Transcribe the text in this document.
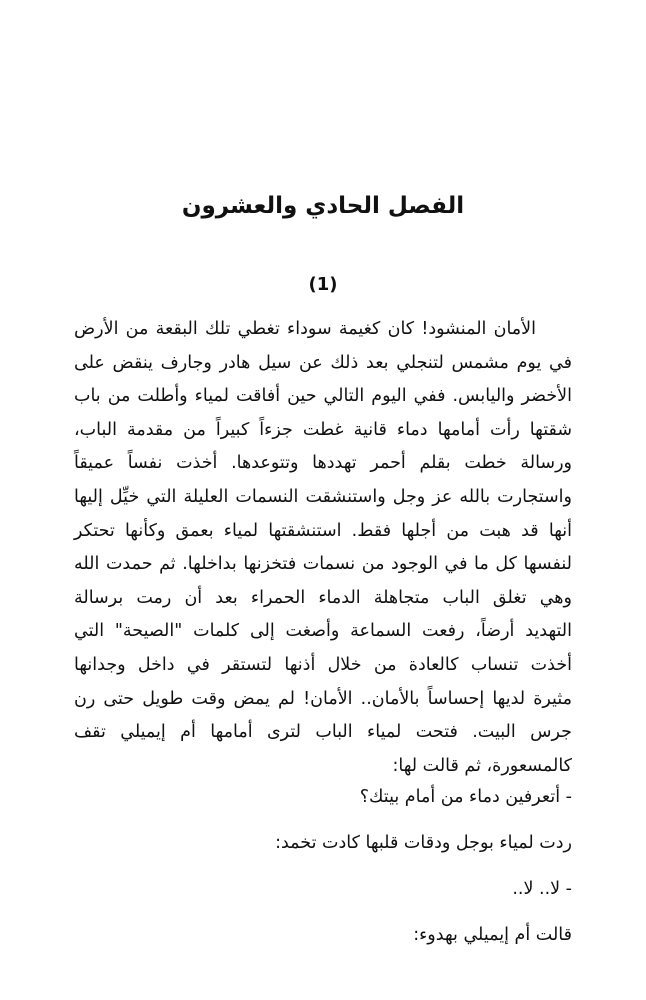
الفصل الحادي والعشرون
(1)
الأمان المنشود! كان كغيمة سوداء تغطي تلك البقعة من الأرض
في يوم مشمس لتنجلي بعد ذلك عن سيل هادر وجارف ينقض على
الأخضر واليابس. ففي اليوم التالي حين أفاقت لمياء وأطلت من باب
شقتها رأت أمامها دماء قانية غطت جزءاً كبيراً من مقدمة الباب،
ورسالة خطت بقلم أحمر تهددها وتتوعدها. أخذت نفساً عميقاً
واستجارت بالله عز وجل واستنشقت النسمات العليلة التي خيِّل إليها
أنها قد هبت من أجلها فقط. استنشقتها لمياء بعمق وكأنها تحتكر
لنفسها كل ما في الوجود من نسمات فتخزنها بداخلها. ثم حمدت الله
وهي تغلق الباب متجاهلة الدماء الحمراء بعد أن رمت برسالة
التهديد أرضاً، رفعت السماعة وأصغت إلى كلمات "الصيحة" التي
أخذت تنساب كالعادة من خلال أذنها لتستقر في داخل وجدانها
مثيرة لديها إحساساً بالأمان.. الأمان! لم يمض وقت طويل حتى رن
جرس البيت. فتحت لمياء الباب لترى أمامها أم إيميلي تقف
كالمسعورة، ثم قالت لها:
- أتعرفين دماء من أمام بيتك؟
ردت لمياء بوجل ودقات قلبها كادت تخمد:
- لا.. لا..
قالت أم إيميلي بهدوء:
